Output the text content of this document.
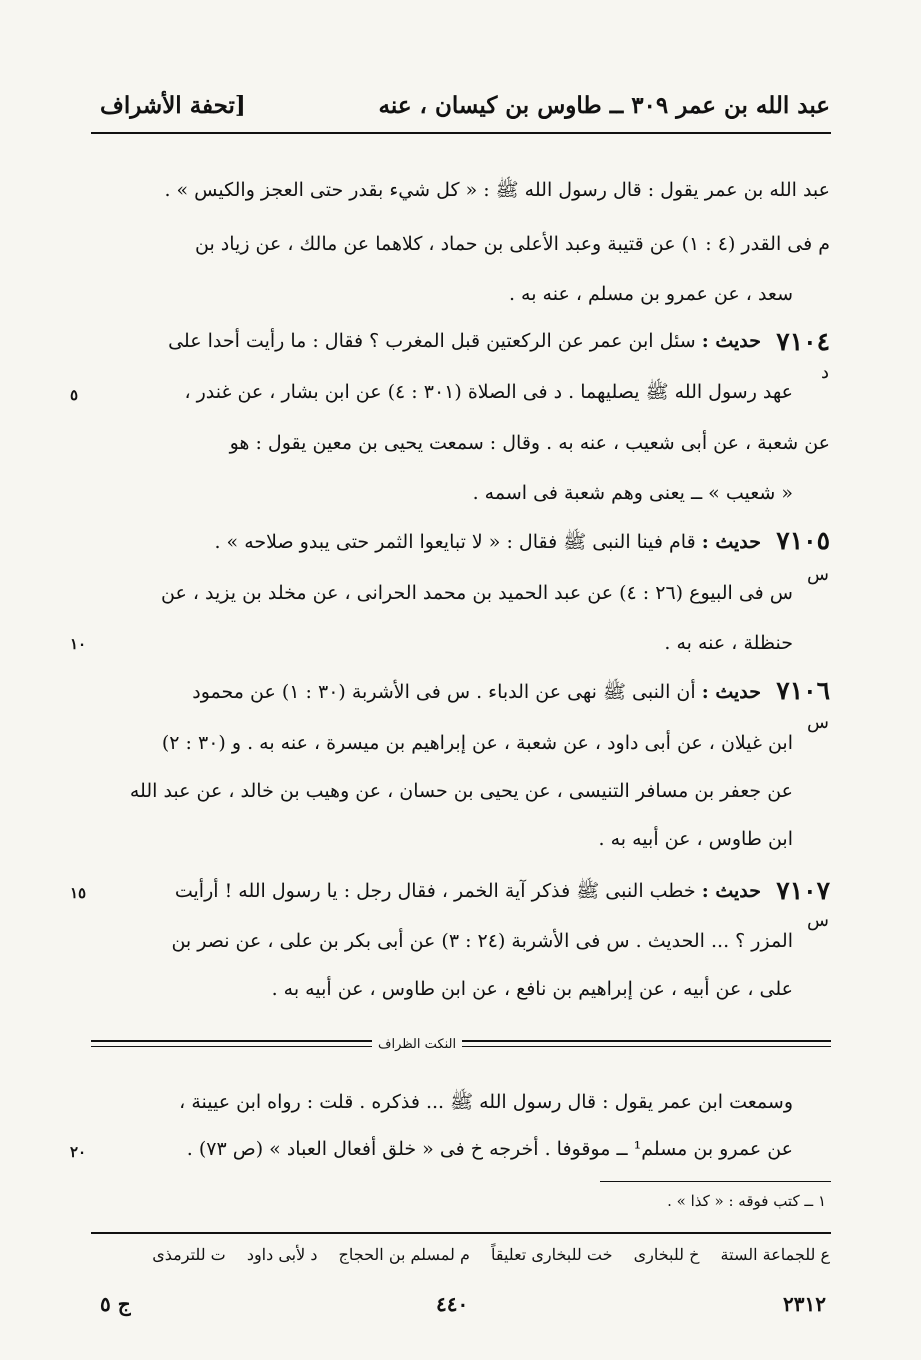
عبد الله بن عمر ٣٠٩ ــ طاوس بن كيسان ، عنه
[تحفة الأشراف
عبد الله بن عمر يقول : قال رسول الله ﷺ : « كل شيء بقدر حتى العجز والكيس » .
م فى القدر (٤ : ١) عن قتيبة وعبد الأعلى بن حماد ، كلاهما عن مالك ، عن زياد بن
سعد ، عن عمرو بن مسلم ، عنه به .
٧١٠٤
حديث : سئل ابن عمر عن الركعتين قبل المغرب ؟ فقال : ما رأيت أحدا على
د
عهد رسول الله ﷺ يصليهما . د فى الصلاة (٣٠١ : ٤) عن ابن بشار ، عن غندر ،
٥
عن شعبة ، عن أبى شعيب ، عنه به . وقال : سمعت يحيى بن معين يقول : هو
« شعيب » ــ يعنى وهم شعبة فى اسمه .
٧١٠٥
حديث : قام فينا النبى ﷺ فقال : « لا تبايعوا الثمر حتى يبدو صلاحه » .
س
س فى البيوع (٢٦ : ٤) عن عبد الحميد بن محمد الحرانى ، عن مخلد بن يزيد ، عن
حنظلة ، عنه به .
١٠
٧١٠٦
حديث : أن النبى ﷺ نهى عن الدباء . س فى الأشربة (٣٠ : ١) عن محمود
س
ابن غيلان ، عن أبى داود ، عن شعبة ، عن إبراهيم بن ميسرة ، عنه به . و (٣٠ : ٢)
عن جعفر بن مسافر التنيسى ، عن يحيى بن حسان ، عن وهيب بن خالد ، عن عبد الله
ابن طاوس ، عن أبيه به .
٧١٠٧
حديث : خطب النبى ﷺ فذكر آية الخمر ، فقال رجل : يا رسول الله ! أرأيت
١٥
س
المزر ؟ ... الحديث . س فى الأشربة (٢٤ : ٣) عن أبى بكر بن على ، عن نصر بن
على ، عن أبيه ، عن إبراهيم بن نافع ، عن ابن طاوس ، عن أبيه به .
النكت الظراف
وسمعت ابن عمر يقول : قال رسول الله ﷺ ... فذكره . قلت : رواه ابن عيينة ،
عن عمرو بن مسلم¹ ــ موقوفا . أخرجه خ فى « خلق أفعال العباد » (ص ٧٣) .
٢٠
١ ــ كتب فوقه : « كذا » .
ع للجماعة الستة خ للبخارى خت للبخارى تعليقاً م لمسلم بن الحجاج د لأبى داود ت للترمذى
٢٣١٢
٤٤٠
ج ٥
